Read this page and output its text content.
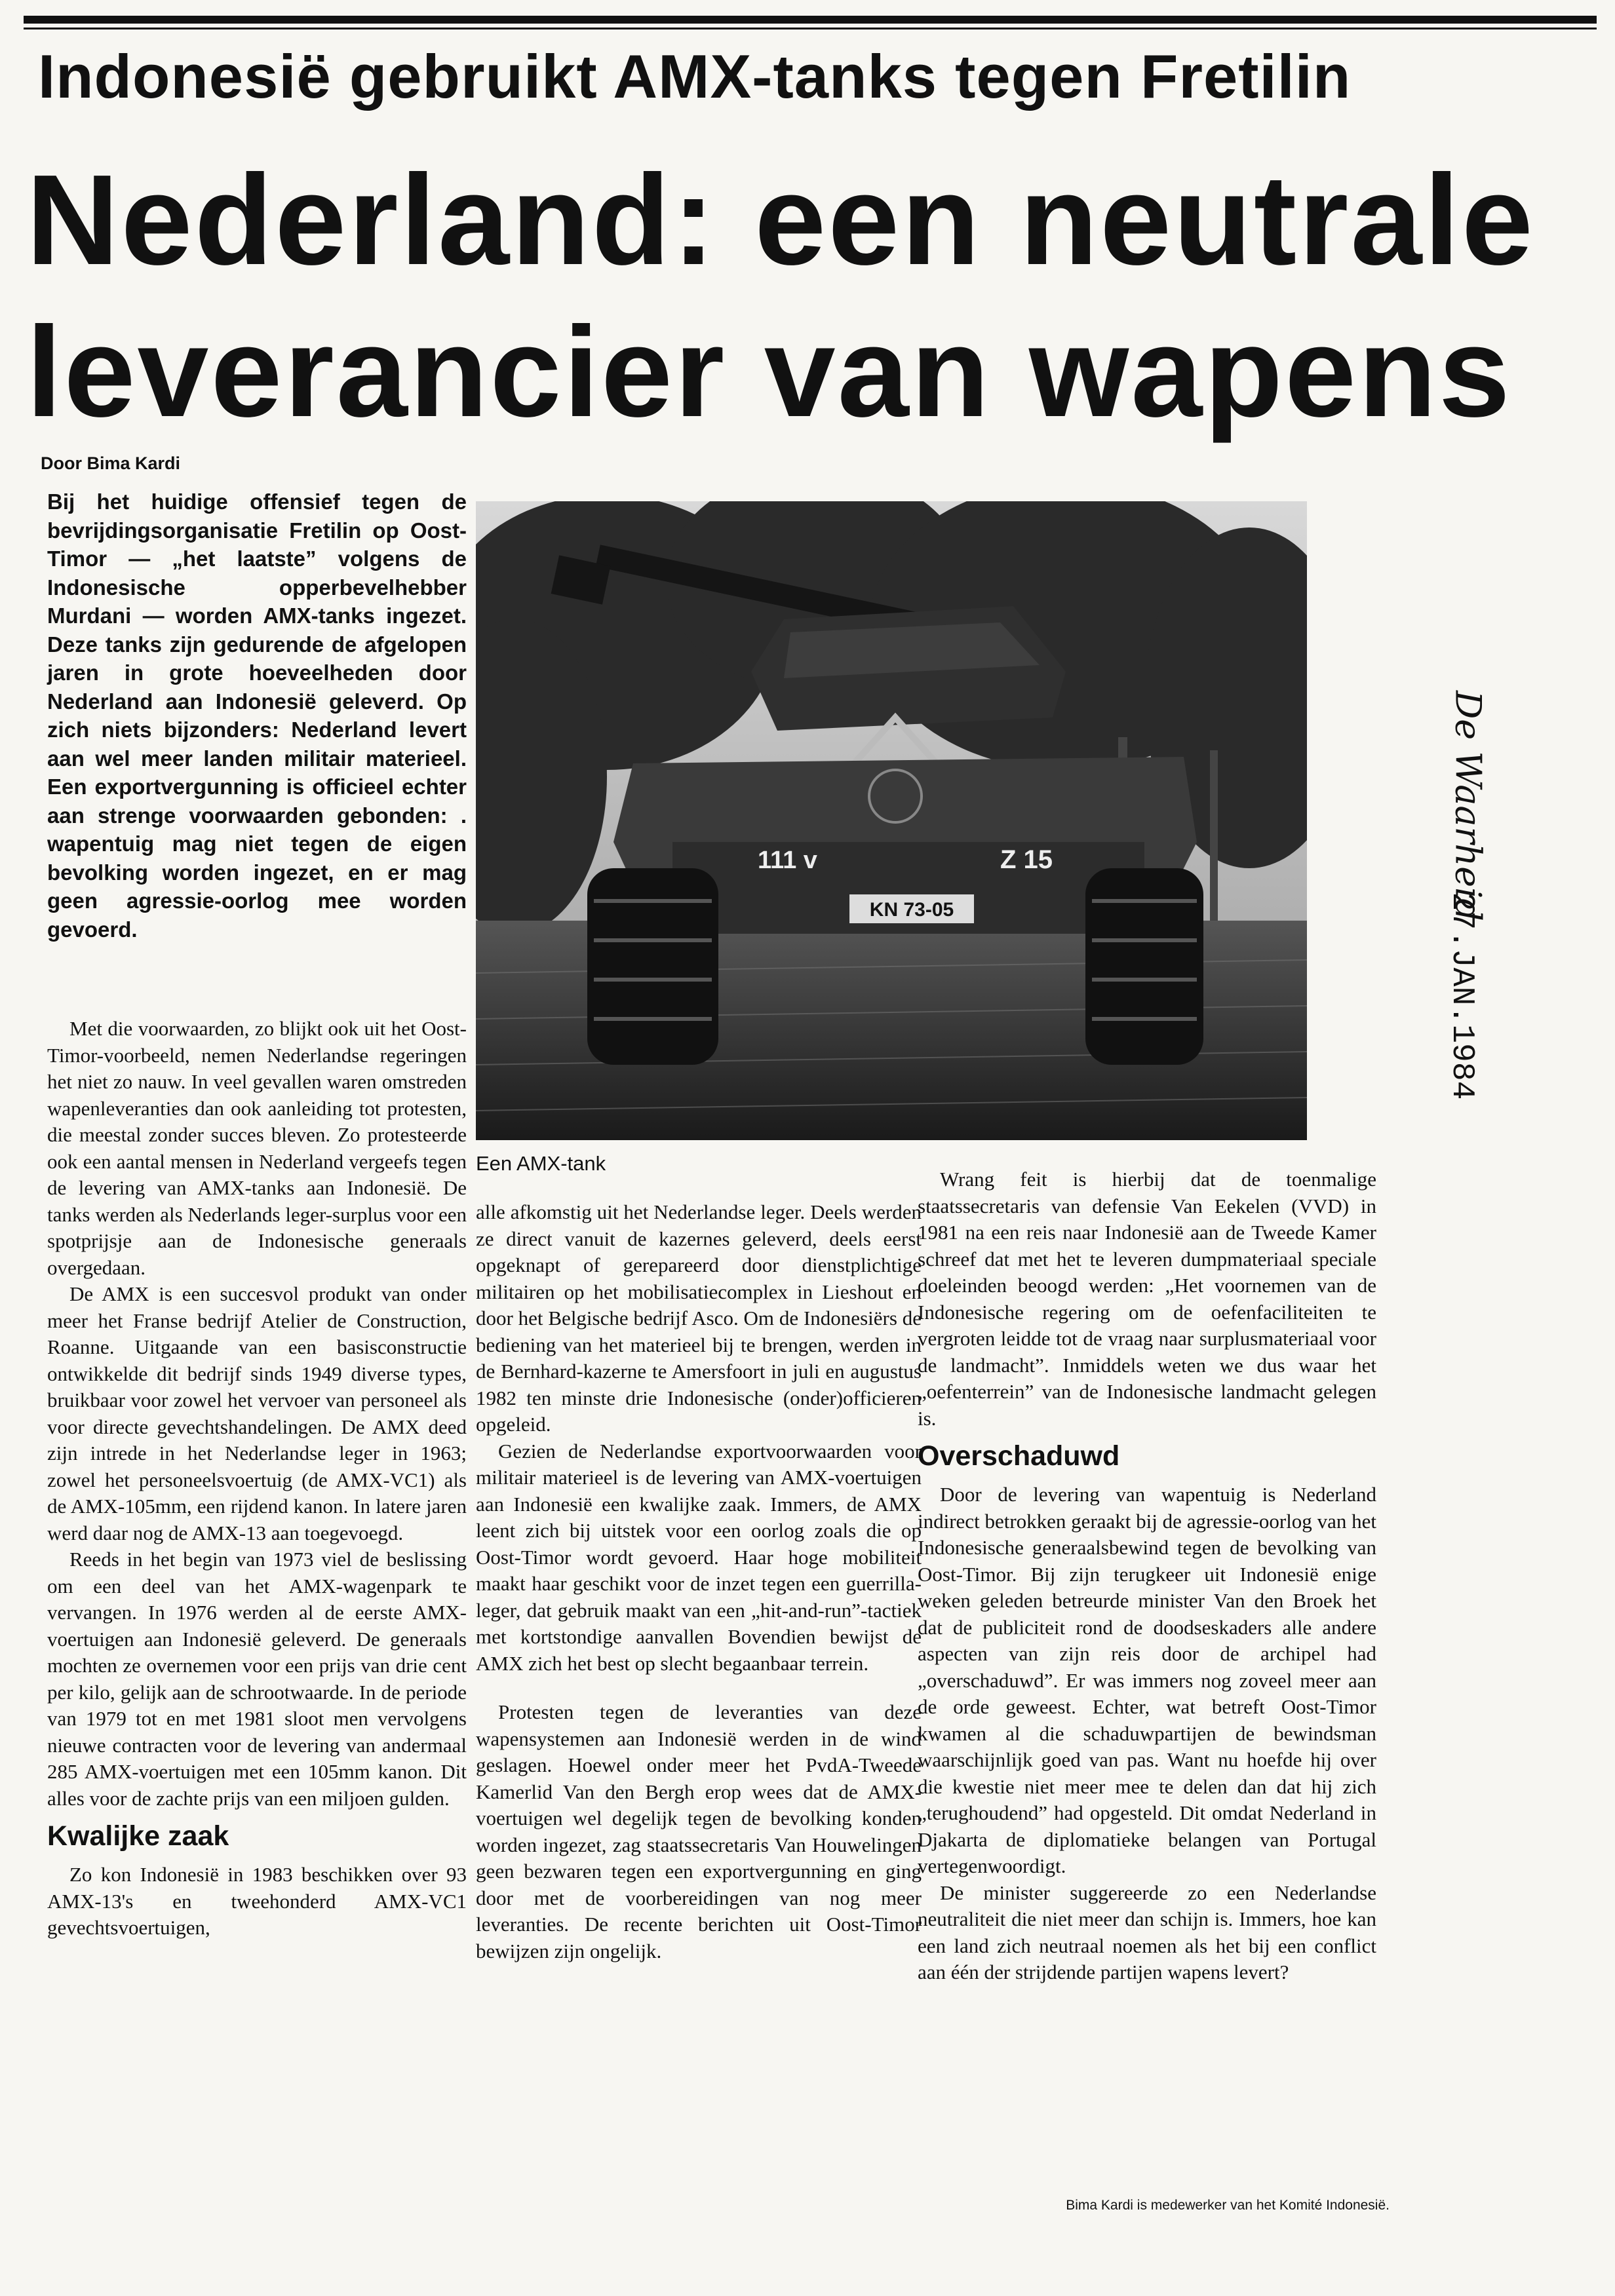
Indonesië gebruikt AMX-tanks tegen Fretilin
Nederland: een neutrale
leverancier van wapens
Door Bima Kardi
Bij het huidige offensief tegen de bevrijdingsorganisatie Fretilin op Oost-Timor — „het laatste” volgens de Indonesische opperbevelhebber Murdani — worden AMX-tanks ingezet. Deze tanks zijn gedurende de afgelopen jaren in grote hoeveelheden door Nederland aan Indonesië geleverd. Op zich niets bijzonders: Nederland levert aan wel meer landen militair materieel. Een exportvergunning is officieel echter aan strenge voorwaarden gebonden: . wapentuig mag niet tegen de eigen bevolking worden ingezet, en er mag geen agressie-oorlog mee worden gevoerd.
111 v	Z 15
KN 73-05
Een AMX-tank
De Waarheid
27.JAN.1984

Met die voorwaarden, zo blijkt ook uit het Oost-Timor-voorbeeld, nemen Nederlandse regeringen het niet zo nauw. In veel gevallen waren omstreden wapenleveranties dan ook aanleiding tot protesten, die meestal zonder succes bleven. Zo protesteerde ook een aantal mensen in Nederland vergeefs tegen de levering van AMX-tanks aan Indonesië. De tanks werden als Nederlands leger-surplus voor een spotprijsje aan de Indonesische generaals overgedaan.

De AMX is een succesvol produkt van onder meer het Franse bedrijf Atelier de Construction, Roanne. Uitgaande van een basisconstructie ontwikkelde dit bedrijf sinds 1949 diverse types, bruikbaar voor zowel het vervoer van personeel als voor directe gevechtshandelingen. De AMX deed zijn intrede in het Nederlandse leger in 1963; zowel het personeelsvoertuig (de AMX-VC1) als de AMX-105mm, een rijdend kanon. In latere jaren werd daar nog de AMX-13 aan toegevoegd.

Reeds in het begin van 1973 viel de beslissing om een deel van het AMX-wagenpark te vervangen. In 1976 werden al de eerste AMX-voertuigen aan Indonesië geleverd. De generaals mochten ze overnemen voor een prijs van drie cent per kilo, gelijk aan de schrootwaarde. In de periode van 1979 tot en met 1981 sloot men vervolgens nieuwe contracten voor de levering van andermaal 285 AMX-voertuigen met een 105mm kanon. Dit alles voor de zachte prijs van een miljoen gulden.

Kwalijke zaak

Zo kon Indonesië in 1983 beschikken over 93 AMX-13's en tweehonderd AMX-VC1 gevechtsvoertuigen,

alle afkomstig uit het Nederlandse leger. Deels werden ze direct vanuit de kazernes geleverd, deels eerst opgeknapt of gerepareerd door dienstplichtige militairen op het mobilisatiecomplex in Lieshout en door het Belgische bedrijf Asco. Om de Indonesiërs de bediening van het materieel bij te brengen, werden in de Bernhard-kazerne te Amersfoort in juli en augustus 1982 ten minste drie Indonesische (onder)officieren opgeleid.

Gezien de Nederlandse exportvoorwaarden voor militair materieel is de levering van AMX-voertuigen aan Indonesië een kwalijke zaak. Immers, de AMX leent zich bij uitstek voor een oorlog zoals die op Oost-Timor wordt gevoerd. Haar hoge mobiliteit maakt haar geschikt voor de inzet tegen een guerrilla-leger, dat gebruik maakt van een „hit-and-run”-tactiek met kortstondige aanvallen Bovendien bewijst de AMX zich het best op slecht begaanbaar terrein.

Protesten tegen de leveranties van deze wapensystemen aan Indonesië werden in de wind geslagen. Hoewel onder meer het PvdA-Tweede Kamerlid Van den Bergh erop wees dat de AMX-voertuigen wel degelijk tegen de bevolking konden worden ingezet, zag staatssecretaris Van Houwelingen geen bezwaren tegen een exportvergunning en ging door met de voorbereidingen van nog meer leveranties. De recente berichten uit Oost-Timor bewijzen zijn ongelijk.

Wrang feit is hierbij dat de toenmalige staatssecretaris van defensie Van Eekelen (VVD) in 1981 na een reis naar Indonesië aan de Tweede Kamer schreef dat met het te leveren dumpmateriaal speciale doeleinden beoogd werden: „Het voornemen van de Indonesische regering om de oefenfaciliteiten te vergroten leidde tot de vraag naar surplusmateriaal voor de landmacht”. Inmiddels weten we dus waar het „oefenterrein” van de Indonesische landmacht gelegen is.

Overschaduwd

Door de levering van wapentuig is Nederland indirect betrokken geraakt bij de agressie-oorlog van het Indonesische generaalsbewind tegen de bevolking van Oost-Timor. Bij zijn terugkeer uit Indonesië enige weken geleden betreurde minister Van den Broek het dat de publiciteit rond de doodseskaders alle andere aspecten van zijn reis door de archipel had „overschaduwd”. Er was immers nog zoveel meer aan de orde geweest. Echter, wat betreft Oost-Timor kwamen al die schaduwpartijen de bewindsman waarschijnlijk goed van pas. Want nu hoefde hij over die kwestie niet meer mee te delen dan dat hij zich „terughoudend” had opgesteld. Dit omdat Nederland in Djakarta de diplomatieke belangen van Portugal vertegenwoordigt.

De minister suggereerde zo een Nederlandse neutraliteit die niet meer dan schijn is. Immers, hoe kan een land zich neutraal noemen als het bij een conflict aan één der strijdende partijen wapens levert?

Bima Kardi is medewerker van het Komité Indonesië.
